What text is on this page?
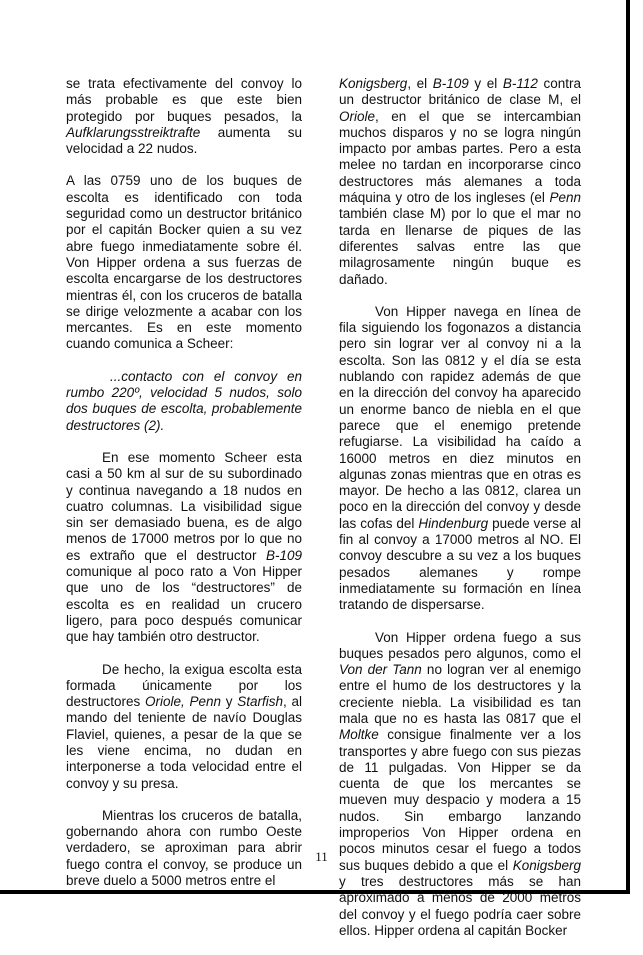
se trata efectivamente del convoy lo más probable es que este bien protegido por buques pesados, la Aufklarungsstreiktrafte aumenta su velocidad a 22 nudos.

A las 0759 uno de los buques de escolta es identificado con toda seguridad como un destructor británico por el capitán Bocker quien a su vez abre fuego inmediatamente sobre él. Von Hipper ordena a sus fuerzas de escolta encargarse de los destructores mientras él, con los cruceros de batalla se dirige velozmente a acabar con los mercantes. Es en este momento cuando comunica a Scheer:

...contacto con el convoy en rumbo 220º, velocidad 5 nudos, solo dos buques de escolta, probablemente destructores (2).

En ese momento Scheer esta casi a 50 km al sur de su subordinado y continua navegando a 18 nudos en cuatro columnas. La visibilidad sigue sin ser demasiado buena, es de algo menos de 17000 metros por lo que no es extraño que el destructor B-109 comunique al poco rato a Von Hipper que uno de los “destructores” de escolta es en realidad un crucero ligero, para poco después comunicar que hay también otro destructor.

De hecho, la exigua escolta esta formada únicamente por los destructores Oriole, Penn y Starfish, al mando del teniente de navío Douglas Flaviel, quienes, a pesar de la que se les viene encima, no dudan en interponerse a toda velocidad entre el convoy y su presa.

Mientras los cruceros de batalla, gobernando ahora con rumbo Oeste verdadero, se aproximan para abrir fuego contra el convoy, se produce un breve duelo a 5000 metros entre el

Konigsberg, el B-109 y el B-112 contra un destructor británico de clase M, el Oriole, en el que se intercambian muchos disparos y no se logra ningún impacto por ambas partes. Pero a esta melee no tardan en incorporarse cinco destructores más alemanes a toda máquina y otro de los ingleses (el Penn también clase M) por lo que el mar no tarda en llenarse de piques de las diferentes salvas entre las que milagrosamente ningún buque es dañado.

Von Hipper navega en línea de fila siguiendo los fogonazos a distancia pero sin lograr ver al convoy ni a la escolta. Son las 0812 y el día se esta nublando con rapidez además de que en la dirección del convoy ha aparecido un enorme banco de niebla en el que parece que el enemigo pretende refugiarse. La visibilidad ha caído a 16000 metros en diez minutos en algunas zonas mientras que en otras es mayor. De hecho a las 0812, clarea un poco en la dirección del convoy y desde las cofas del Hindenburg puede verse al fin al convoy a 17000 metros al NO. El convoy descubre a su vez a los buques pesados alemanes y rompe inmediatamente su formación en línea tratando de dispersarse.

Von Hipper ordena fuego a sus buques pesados pero algunos, como el Von der Tann no logran ver al enemigo entre el humo de los destructores y la creciente niebla. La visibilidad es tan mala que no es hasta las 0817 que el Moltke consigue finalmente ver a los transportes y abre fuego con sus piezas de 11 pulgadas. Von Hipper se da cuenta de que los mercantes se mueven muy despacio y modera a 15 nudos. Sin embargo lanzando improperios Von Hipper ordena en pocos minutos cesar el fuego a todos sus buques debido a que el Konigsberg y tres destructores más se han aproximado a menos de 2000 metros del convoy y el fuego podría caer sobre ellos. Hipper ordena al capitán Bocker

11
